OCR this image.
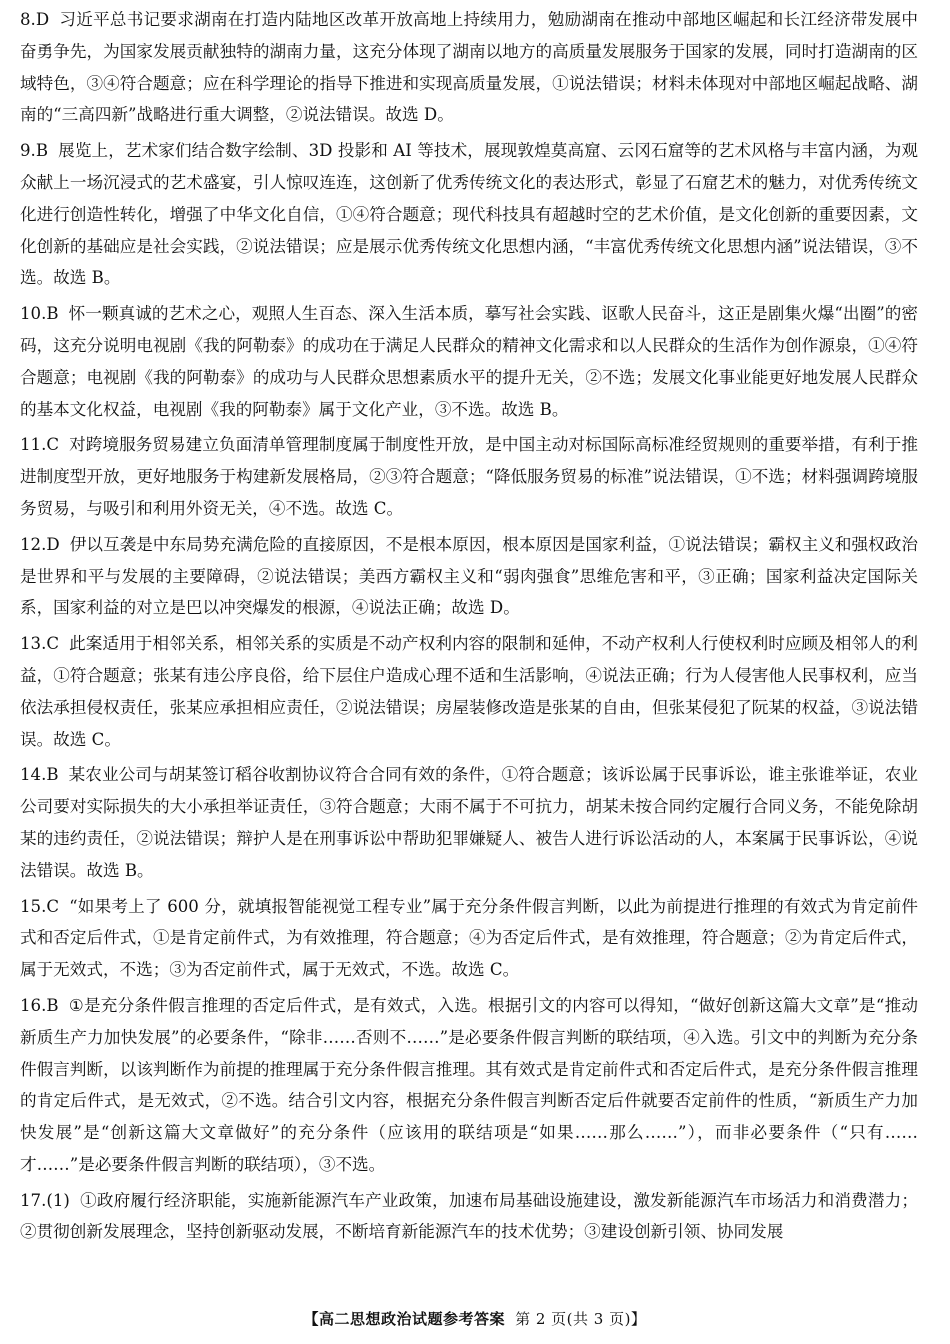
8.D 习近平总书记要求湖南在打造内陆地区改革开放高地上持续用力，勉励湖南在推动中部地区崛起和长江经济带发展中奋勇争先，为国家发展贡献独特的湖南力量，这充分体现了湖南以地方的高质量发展服务于国家的发展，同时打造湖南的区域特色，③④符合题意；应在科学理论的指导下推进和实现高质量发展，①说法错误；材料未体现对中部地区崛起战略、湖南的“三高四新”战略进行重大调整，②说法错误。故选 D。

9.B 展览上，艺术家们结合数字绘制、3D 投影和 AI 等技术，展现敦煌莫高窟、云冈石窟等的艺术风格与丰富内涵，为观众献上一场沉浸式的艺术盛宴，引人惊叹连连，这创新了优秀传统文化的表达形式，彰显了石窟艺术的魅力，对优秀传统文化进行创造性转化，增强了中华文化自信，①④符合题意；现代科技具有超越时空的艺术价值，是文化创新的重要因素，文化创新的基础应是社会实践，②说法错误；应是展示优秀传统文化思想内涵，“丰富优秀传统文化思想内涵”说法错误，③不选。故选 B。

10.B 怀一颗真诚的艺术之心，观照人生百态、深入生活本质，摹写社会实践、讴歌人民奋斗，这正是剧集火爆“出圈”的密码，这充分说明电视剧《我的阿勒泰》的成功在于满足人民群众的精神文化需求和以人民群众的生活作为创作源泉，①④符合题意；电视剧《我的阿勒泰》的成功与人民群众思想素质水平的提升无关，②不选；发展文化事业能更好地发展人民群众的基本文化权益，电视剧《我的阿勒泰》属于文化产业，③不选。故选 B。

11.C 对跨境服务贸易建立负面清单管理制度属于制度性开放，是中国主动对标国际高标准经贸规则的重要举措，有利于推进制度型开放，更好地服务于构建新发展格局，②③符合题意；“降低服务贸易的标准”说法错误，①不选；材料强调跨境服务贸易，与吸引和利用外资无关，④不选。故选 C。

12.D 伊以互袭是中东局势充满危险的直接原因，不是根本原因，根本原因是国家利益，①说法错误；霸权主义和强权政治是世界和平与发展的主要障碍，②说法错误；美西方霸权主义和“弱肉强食”思维危害和平，③正确；国家利益决定国际关系，国家利益的对立是巴以冲突爆发的根源，④说法正确；故选 D。

13.C 此案适用于相邻关系，相邻关系的实质是不动产权利内容的限制和延伸，不动产权利人行使权利时应顾及相邻人的利益，①符合题意；张某有违公序良俗，给下层住户造成心理不适和生活影响，④说法正确；行为人侵害他人民事权利，应当依法承担侵权责任，张某应承担相应责任，②说法错误；房屋装修改造是张某的自由，但张某侵犯了阮某的权益，③说法错误。故选 C。

14.B 某农业公司与胡某签订稻谷收割协议符合合同有效的条件，①符合题意；该诉讼属于民事诉讼，谁主张谁举证，农业公司要对实际损失的大小承担举证责任，③符合题意；大雨不属于不可抗力，胡某未按合同约定履行合同义务，不能免除胡某的违约责任，②说法错误；辩护人是在刑事诉讼中帮助犯罪嫌疑人、被告人进行诉讼活动的人，本案属于民事诉讼，④说法错误。故选 B。

15.C “如果考上了 600 分，就填报智能视觉工程专业”属于充分条件假言判断，以此为前提进行推理的有效式为肯定前件式和否定后件式，①是肯定前件式，为有效推理，符合题意；④为否定后件式，是有效推理，符合题意；②为肯定后件式，属于无效式，不选；③为否定前件式，属于无效式，不选。故选 C。

16.B ①是充分条件假言推理的否定后件式，是有效式，入选。根据引文的内容可以得知，“做好创新这篇大文章”是“推动新质生产力加快发展”的必要条件，“除非……否则不……”是必要条件假言判断的联结项，④入选。引文中的判断为充分条件假言判断，以该判断作为前提的推理属于充分条件假言推理。其有效式是肯定前件式和否定后件式，是充分条件假言推理的肯定后件式，是无效式，②不选。结合引文内容，根据充分条件假言判断否定后件就要否定前件的性质，“新质生产力加快发展”是“创新这篇大文章做好”的充分条件（应该用的联结项是“如果……那么……”），而非必要条件（“只有……才……”是必要条件假言判断的联结项），③不选。

17.(1) ①政府履行经济职能，实施新能源汽车产业政策，加速布局基础设施建设，激发新能源汽车市场活力和消费潜力；②贯彻创新发展理念，坚持创新驱动发展，不断培育新能源汽车的技术优势；③建设创新引领、协同发展

【高二思想政治试题参考答案 第 2 页(共 3 页)】
